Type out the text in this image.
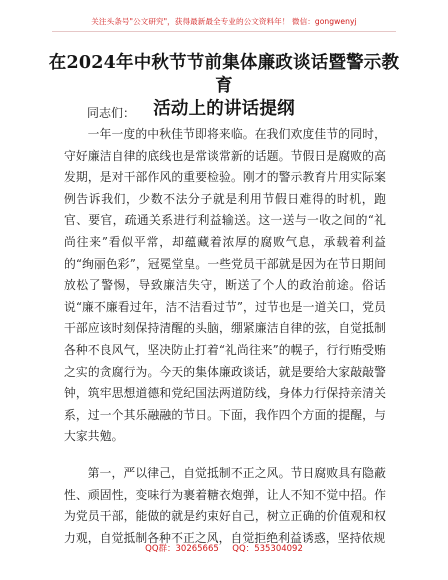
关注头条号"公文研究"，获得最新最全专业的公文资料年！ 微信：gongwenyj
在2024年中秋节节前集体廉政谈话暨警示教育
活动上的讲话提纲
同志们：

一年一度的中秋佳节即将来临。在我们欢度佳节的同时，守好廉洁自律的底线也是常谈常新的话题。节假日是腐败的高发期，是对干部作风的重要检验。刚才的警示教育片用实际案例告诉我们，少数不法分子就是利用节假日难得的时机，跑官、要官，疏通关系进行利益输送。这一送与一收之间的“礼尚往来”看似平常，却蕴藏着浓厚的腐败气息，承载着利益的“绚丽色彩”，冠冕堂皇。一些党员干部就是因为在节日期间放松了警惕，导致廉洁失守，断送了个人的政治前途。俗话说“廉不廉看过年，洁不洁看过节”，过节也是一道关口，党员干部应该时刻保持清醒的头脑，绷紧廉洁自律的弦，自觉抵制各种不良风气，坚决防止打着“礼尚往来”的幌子，行行贿受贿之实的贪腐行为。今天的集体廉政谈话，就是要给大家敲敲警钟，筑牢思想道德和党纪国法两道防线，身体力行保持亲清关系，过一个其乐融融的节日。下面，我作四个方面的提醒，与大家共勉。

第一，严以律己，自觉抵制不正之风。节日腐败具有隐蔽性、顽固性，变味行为裹着糖衣炮弹，让人不知不觉中招。作为党员干部，能做的就是约束好自己，树立正确的价值观和权力观，自觉抵制各种不正之风，自觉拒绝利益诱惑，坚持依规

QQ群：30265665 QQ：535304092
